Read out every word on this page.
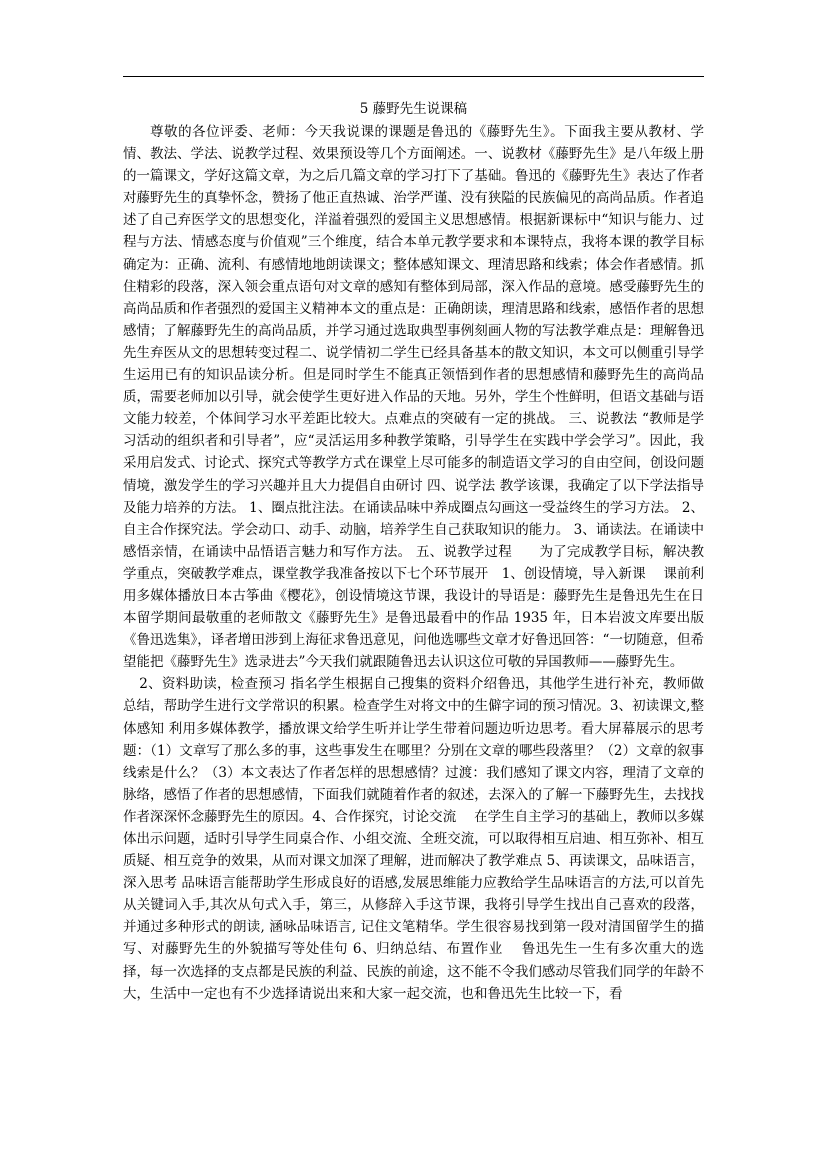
5 藤野先生说课稿

尊敬的各位评委、老师：今天我说课的课题是鲁迅的《藤野先生》。下面我主要从教材、学情、教法、学法、说教学过程、效果预设等几个方面阐述。一、说教材《藤野先生》是八年级上册的一篇课文，学好这篇文章，为之后几篇文章的学习打下了基础。鲁迅的《藤野先生》表达了作者对藤野先生的真挚怀念，赞扬了他正直热诚、治学严谨、没有狭隘的民族偏见的高尚品质。作者追述了自己弃医学文的思想变化，洋溢着强烈的爱国主义思想感情。根据新课标中“知识与能力、过程与方法、情感态度与价值观”三个维度，结合本单元教学要求和本课特点，我将本课的教学目标确定为：正确、流利、有感情地地朗读课文；整体感知课文、理清思路和线索；体会作者感情。抓住精彩的段落，深入领会重点语句对文章的感知有整体到局部，深入作品的意境。感受藤野先生的高尚品质和作者强烈的爱国主义精神本文的重点是：正确朗读，理清思路和线索，感悟作者的思想感情；了解藤野先生的高尚品质，并学习通过选取典型事例刻画人物的写法教学难点是：理解鲁迅先生弃医从文的思想转变过程二、说学情初二学生已经具备基本的散文知识，本文可以侧重引导学生运用已有的知识品读分析。但是同时学生不能真正领悟到作者的思想感情和藤野先生的高尚品质，需要老师加以引导，就会使学生更好进入作品的天地。另外，学生个性鲜明，但语文基础与语文能力较差，个体间学习水平差距比较大。点难点的突破有一定的挑战。 三、说教法 “教师是学习活动的组织者和引导者”，应“灵活运用多种教学策略，引导学生在实践中学会学习”。因此，我采用启发式、讨论式、探究式等教学方式在课堂上尽可能多的制造语文学习的自由空间，创设问题情境，激发学生的学习兴趣并且大力提倡自由研讨 四、说学法 教学该课，我确定了以下学法指导及能力培养的方法。 1、圈点批注法。在诵读品味中养成圈点勾画这一受益终生的学习方法。 2、自主合作探究法。学会动口、动手、动脑，培养学生自己获取知识的能力。 3、诵读法。在诵读中感悟亲情，在诵读中品悟语言魅力和写作方法。 五、说教学过程　　为了完成教学目标，解决教学重点，突破教学难点，课堂教学我准备按以下七个环节展开　1、创设情境，导入新课　 课前利用多媒体播放日本古筝曲《樱花》，创设情境这节课，我设计的导语是：藤野先生是鲁迅先生在日本留学期间最敬重的老师散文《藤野先生》是鲁迅最看中的作品 1935 年，日本岩波文库要出版《鲁迅选集》，译者增田涉到上海征求鲁迅意见，问他选哪些文章才好鲁迅回答：“一切随意，但希望能把《藤野先生》选录进去”今天我们就跟随鲁迅去认识这位可敬的异国教师——藤野先生。

2、资料助读，检查预习 指名学生根据自己搜集的资料介绍鲁迅，其他学生进行补充，教师做总结，帮助学生进行文学常识的积累。检查学生对将文中的生僻字词的预习情况。3、初读课文,整体感知 利用多媒体教学，播放课文给学生听并让学生带着问题边听边思考。看大屏幕展示的思考题：（1）文章写了那么多的事，这些事发生在哪里？分别在文章的哪些段落里？（2）文章的叙事线索是什么？（3）本文表达了作者怎样的思想感情？过渡：我们感知了课文内容，理清了文章的脉络，感悟了作者的思想感情，下面我们就随着作者的叙述，去深入的了解一下藤野先生，去找找作者深深怀念藤野先生的原因。4、合作探究，讨论交流　 在学生自主学习的基础上，教师以多媒体出示问题，适时引导学生同桌合作、小组交流、全班交流，可以取得相互启迪、相互弥补、相互质疑、相互竞争的效果，从而对课文加深了理解，进而解决了教学难点 5、再读课文，品味语言，深入思考 品味语言能帮助学生形成良好的语感,发展思维能力应教给学生品味语言的方法,可以首先从关键词入手,其次从句式入手，第三，从修辞入手这节课，我将引导学生找出自己喜欢的段落，并通过多种形式的朗读, 涵咏品味语言, 记住文笔精华。学生很容易找到第一段对清国留学生的描写、对藤野先生的外貌描写等处佳句 6、归纳总结、布置作业　 鲁迅先生一生有多次重大的选择，每一次选择的支点都是民族的利益、民族的前途，这不能不令我们感动尽管我们同学的年龄不大，生活中一定也有不少选择请说出来和大家一起交流，也和鲁迅先生比较一下，看
